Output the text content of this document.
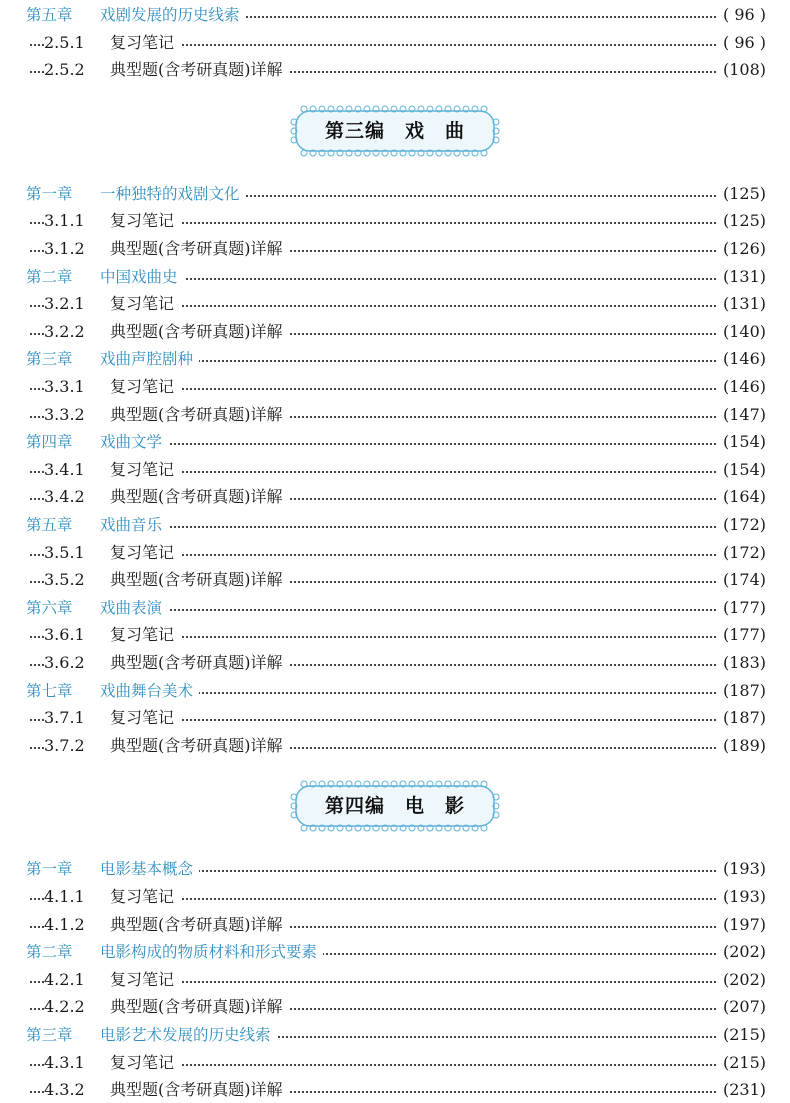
第五章 戏剧发展的历史线索	( 96 )
2.5.1 复习笔记	( 96 )
2.5.2 典型题(含考研真题)详解	(108)
第三编　戏　曲
第一章 一种独特的戏剧文化	(125)
3.1.1 复习笔记	(125)
3.1.2 典型题(含考研真题)详解	(126)
第二章 中国戏曲史	(131)
3.2.1 复习笔记	(131)
3.2.2 典型题(含考研真题)详解	(140)
第三章 戏曲声腔剧种	(146)
3.3.1 复习笔记	(146)
3.3.2 典型题(含考研真题)详解	(147)
第四章 戏曲文学	(154)
3.4.1 复习笔记	(154)
3.4.2 典型题(含考研真题)详解	(164)
第五章 戏曲音乐	(172)
3.5.1 复习笔记	(172)
3.5.2 典型题(含考研真题)详解	(174)
第六章 戏曲表演	(177)
3.6.1 复习笔记	(177)
3.6.2 典型题(含考研真题)详解	(183)
第七章 戏曲舞台美术	(187)
3.7.1 复习笔记	(187)
3.7.2 典型题(含考研真题)详解	(189)
第四编　电　影
第一章 电影基本概念	(193)
4.1.1 复习笔记	(193)
4.1.2 典型题(含考研真题)详解	(197)
第二章 电影构成的物质材料和形式要素	(202)
4.2.1 复习笔记	(202)
4.2.2 典型题(含考研真题)详解	(207)
第三章 电影艺术发展的历史线索	(215)
4.3.1 复习笔记	(215)
4.3.2 典型题(含考研真题)详解	(231)
